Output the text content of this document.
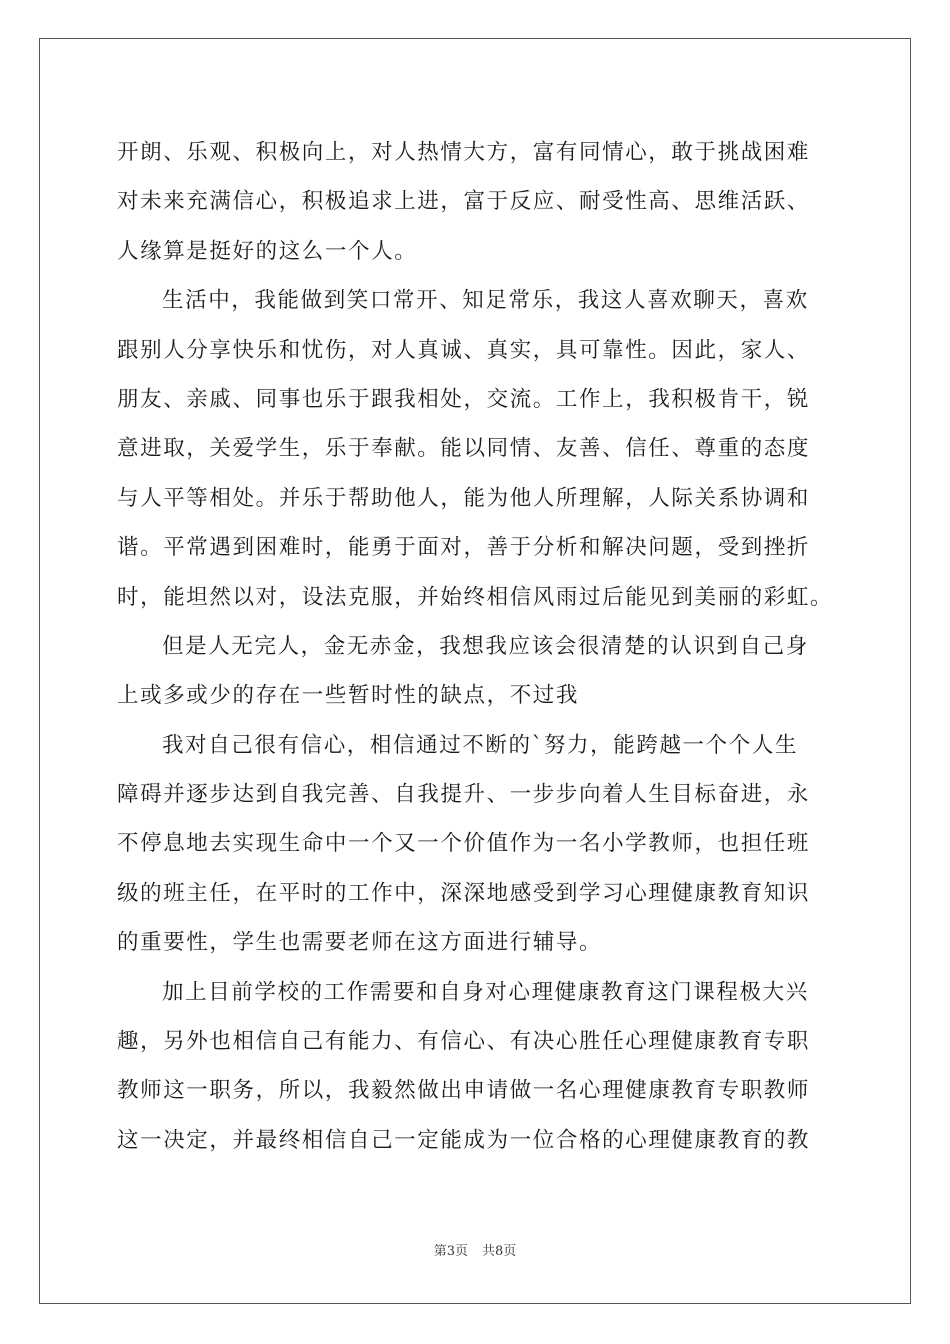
开朗、乐观、积极向上，对人热情大方，富有同情心，敢于挑战困难
对未来充满信心，积极追求上进，富于反应、耐受性高、思维活跃、
人缘算是挺好的这么一个人。
生活中，我能做到笑口常开、知足常乐，我这人喜欢聊天，喜欢
跟别人分享快乐和忧伤，对人真诚、真实，具可靠性。因此，家人、
朋友、亲戚、同事也乐于跟我相处，交流。工作上，我积极肯干，锐
意进取，关爱学生，乐于奉献。能以同情、友善、信任、尊重的态度
与人平等相处。并乐于帮助他人，能为他人所理解，人际关系协调和
谐。平常遇到困难时，能勇于面对，善于分析和解决问题，受到挫折
时，能坦然以对，设法克服，并始终相信风雨过后能见到美丽的彩虹。
但是人无完人，金无赤金，我想我应该会很清楚的认识到自己身
上或多或少的存在一些暂时性的缺点，不过我
我对自己很有信心，相信通过不断的`努力，能跨越一个个人生
障碍并逐步达到自我完善、自我提升、一步步向着人生目标奋进，永
不停息地去实现生命中一个又一个价值作为一名小学教师，也担任班
级的班主任，在平时的工作中，深深地感受到学习心理健康教育知识
的重要性，学生也需要老师在这方面进行辅导。
加上目前学校的工作需要和自身对心理健康教育这门课程极大兴
趣，另外也相信自己有能力、有信心、有决心胜任心理健康教育专职
教师这一职务，所以，我毅然做出申请做一名心理健康教育专职教师
这一决定，并最终相信自己一定能成为一位合格的心理健康教育的教
第3页 共8页
